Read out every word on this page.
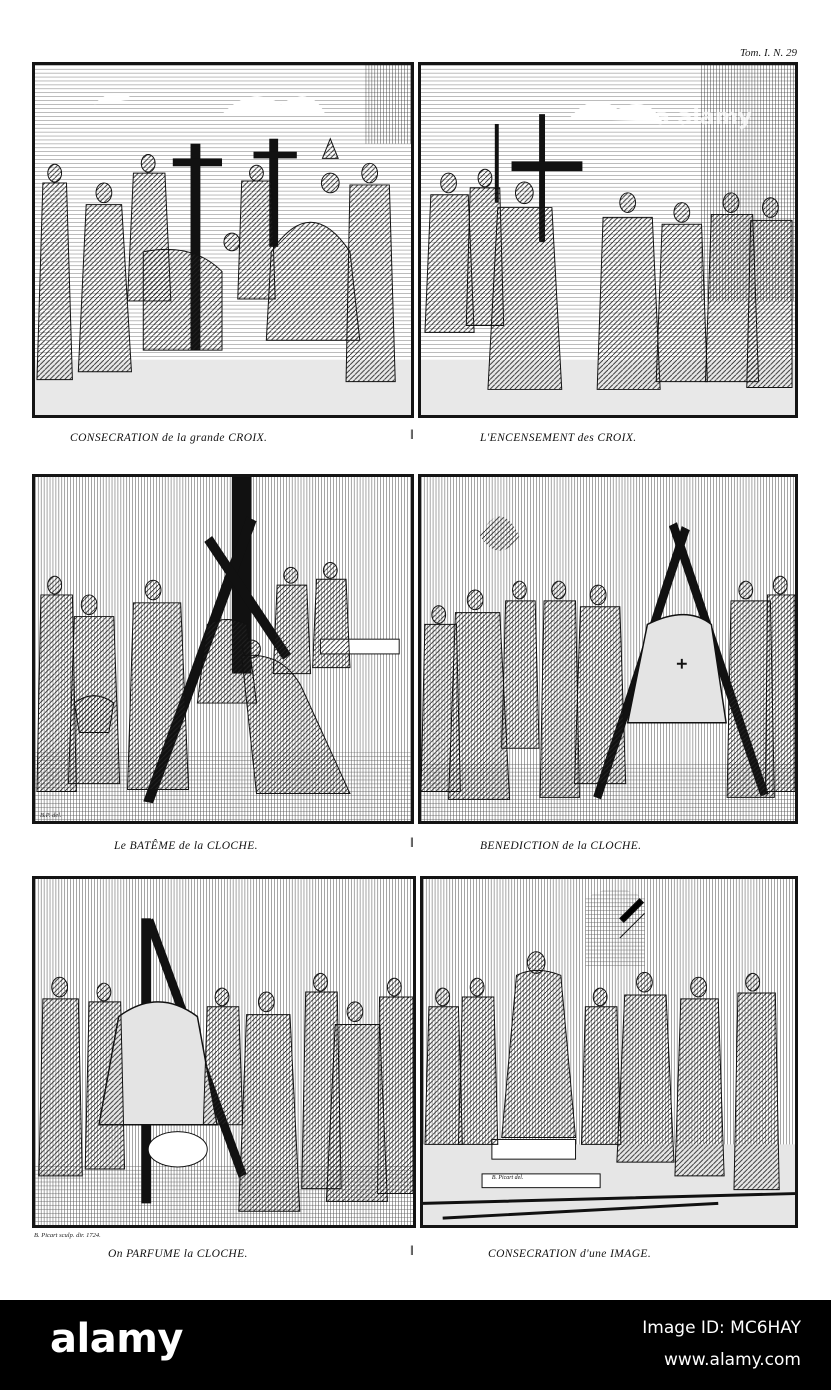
Tom. I. N. 29
CONSECRATION de la grande CROIX.	‖	L'ENCENSEMENT des CROIX.
B.P. del.
Le BATÊME de la CLOCHE.	‖	BENEDICTION de la CLOCHE.
B. Picart sculp. dir. 1724.
B. Picart del.
On PARFUME la CLOCHE.	‖	CONSECRATION d'une IMAGE.
a alamy
alamy	Image ID: MC6HAY
www.alamy.com
